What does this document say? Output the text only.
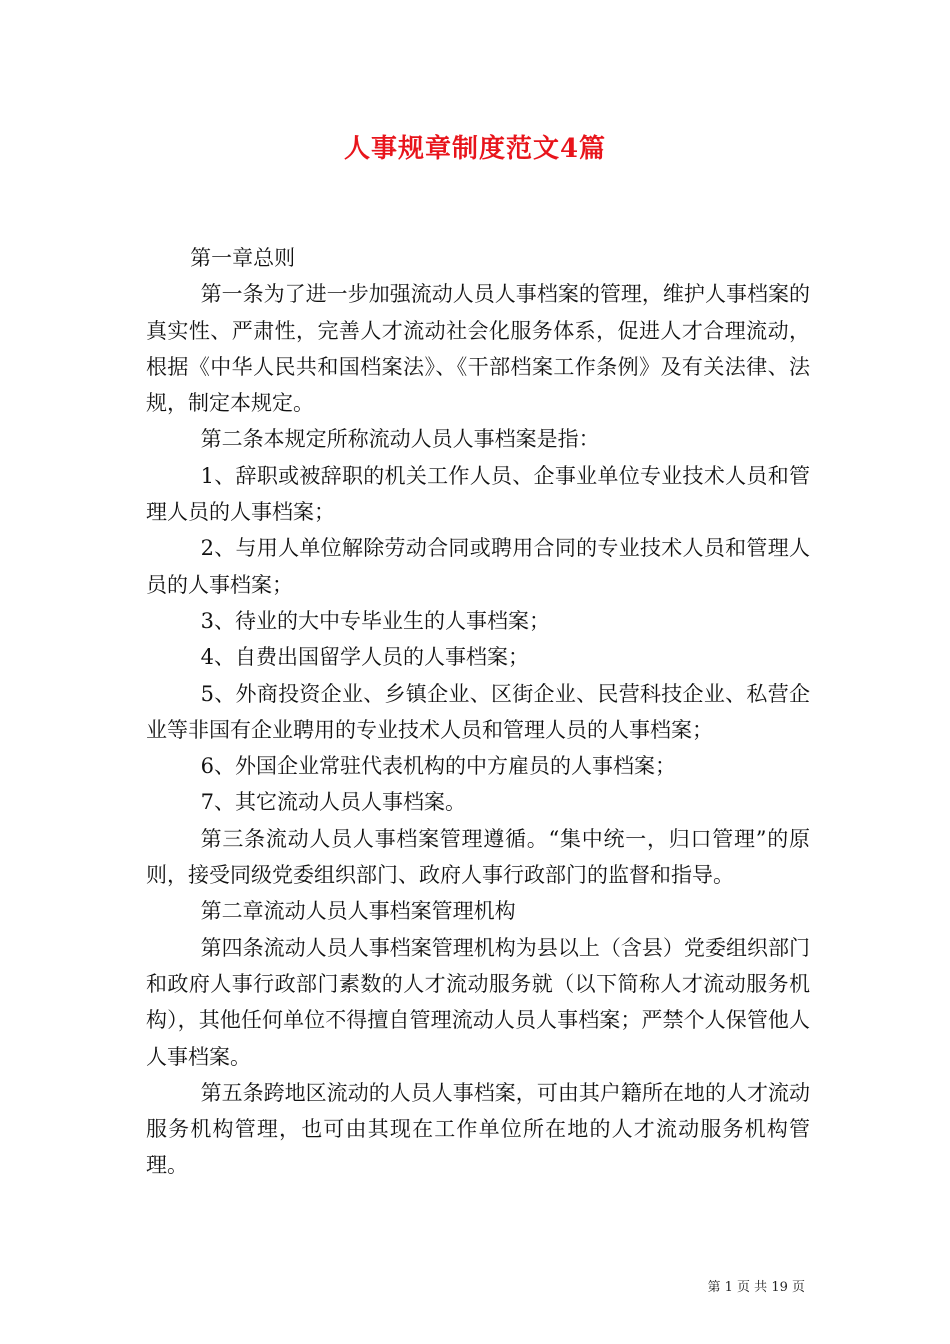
人事规章制度范文4篇

第一章总则

第一条为了进一步加强流动人员人事档案的管理，维护人事档案的真实性、严肃性，完善人才流动社会化服务体系，促进人才合理流动，根据《中华人民共和国档案法》、《干部档案工作条例》及有关法律、法规，制定本规定。

第二条本规定所称流动人员人事档案是指：

1、辞职或被辞职的机关工作人员、企事业单位专业技术人员和管理人员的人事档案；

2、与用人单位解除劳动合同或聘用合同的专业技术人员和管理人员的人事档案；

3、待业的大中专毕业生的人事档案；

4、自费出国留学人员的人事档案；

5、外商投资企业、乡镇企业、区街企业、民营科技企业、私营企业等非国有企业聘用的专业技术人员和管理人员的人事档案；

6、外国企业常驻代表机构的中方雇员的人事档案；

7、其它流动人员人事档案。

第三条流动人员人事档案管理遵循。“集中统一，归口管理”的原则，接受同级党委组织部门、政府人事行政部门的监督和指导。

第二章流动人员人事档案管理机构

第四条流动人员人事档案管理机构为县以上（含县）党委组织部门和政府人事行政部门素数的人才流动服务就（以下简称人才流动服务机构），其他任何单位不得擅自管理流动人员人事档案；严禁个人保管他人人事档案。

第五条跨地区流动的人员人事档案，可由其户籍所在地的人才流动服务机构管理，也可由其现在工作单位所在地的人才流动服务机构管理。

第 1 页 共 19 页
